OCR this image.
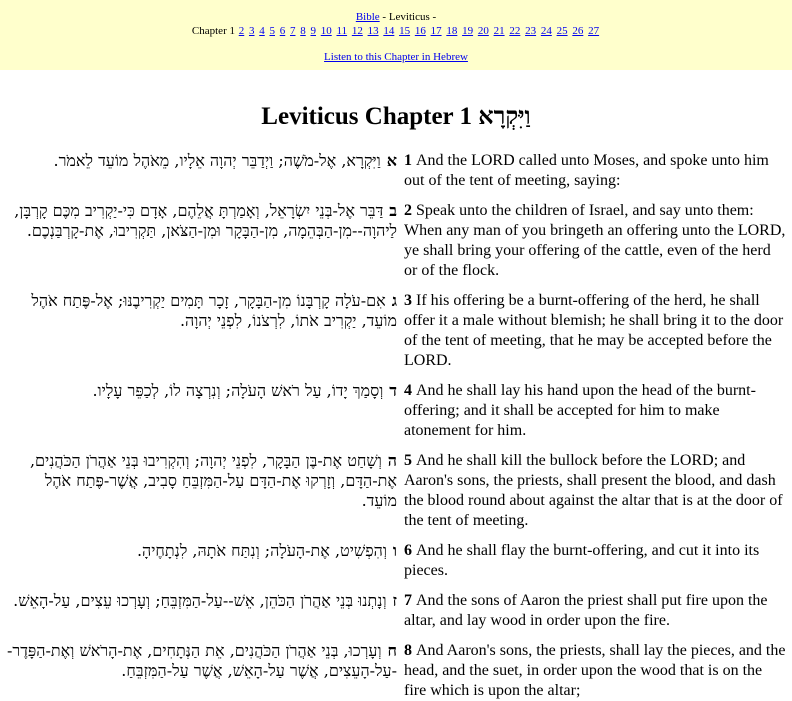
Bible - Leviticus -
Chapter 1 2 3 4 5 6 7 8 9 10 11 12 13 14 15 16 17 18 19 20 21 22 23 24 25 26 27
Listen to this Chapter in Hebrew
Leviticus Chapter 1 וַיִּקְרָא
אוַיִּקְרָא, אֶל-מֹשֶׁה; וַיְדַבֵּר יְהוָה אֵלָיו, מֵאֹהֶל מוֹעֵד לֵאמֹר.	1 And the LORD called unto Moses, and spoke unto him out of the tent of meeting, saying:

בדַּבֵּר אֶל-בְּנֵי יִשְׂרָאֵל, וְאָמַרְתָּ אֲלֵהֶם, אָדָם כִּי-יַקְרִיב מִכֶּם קָרְבָּן, לַיהוָה--מִן-הַבְּהֵמָה, מִן-הַבָּקָר וּמִן-הַצֹּאן, תַּקְרִיבוּ, אֶת-קָרְבַּנְכֶם.	2 Speak unto the children of Israel, and say unto them: When any man of you bringeth an offering unto the LORD, ye shall bring your offering of the cattle, even of the herd or of the flock.

גאִם-עֹלָה קָרְבָּנוֹ מִן-הַבָּקָר, זָכָר תָּמִים יַקְרִיבֶנּוּ; אֶל-פֶּתַח אֹהֶל מוֹעֵד, יַקְרִיב אֹתוֹ, לִרְצֹנוֹ, לִפְנֵי יְהוָה.	3 If his offering be a burnt-offering of the herd, he shall offer it a male without blemish; he shall bring it to the door of the tent of meeting, that he may be accepted before the LORD.

דוְסָמַךְ יָדוֹ, עַל רֹאשׁ הָעֹלָה; וְנִרְצָה לוֹ, לְכַפֵּר עָלָיו.	4 And he shall lay his hand upon the head of the burnt-offering; and it shall be accepted for him to make atonement for him.

הוְשָׁחַט אֶת-בֶּן הַבָּקָר, לִפְנֵי יְהוָה; וְהִקְרִיבוּ בְּנֵי אַהֲרֹן הַכֹּהֲנִים, אֶת-הַדָּם, וְזָרְקוּ אֶת-הַדָּם עַל-הַמִּזְבֵּחַ סָבִיב, אֲשֶׁר-פֶּתַח אֹהֶל מוֹעֵד.	5 And he shall kill the bullock before the LORD; and Aaron's sons, the priests, shall present the blood, and dash the blood round about against the altar that is at the door of the tent of meeting.

ווְהִפְשִׁיט, אֶת-הָעֹלָה; וְנִתַּח אֹתָהּ, לִנְתָחֶיהָ.	6 And he shall flay the burnt-offering, and cut it into its pieces.

זוְנָתְנוּ בְּנֵי אַהֲרֹן הַכֹּהֵן, אֵשׁ--עַל-הַמִּזְבֵּחַ; וְעָרְכוּ עֵצִים, עַל-הָאֵשׁ.	7 And the sons of Aaron the priest shall put fire upon the altar, and lay wood in order upon the fire.

חוְעָרְכוּ, בְּנֵי אַהֲרֹן הַכֹּהֲנִים, אֵת הַנְּתָחִים, אֶת-הָרֹאשׁ וְאֶת-הַפָּדֶר--עַל-הָעֵצִים, אֲשֶׁר עַל-הָאֵשׁ, אֲשֶׁר עַל-הַמִּזְבֵּחַ.	8 And Aaron's sons, the priests, shall lay the pieces, and the head, and the suet, in order upon the wood that is on the fire which is upon the altar;
